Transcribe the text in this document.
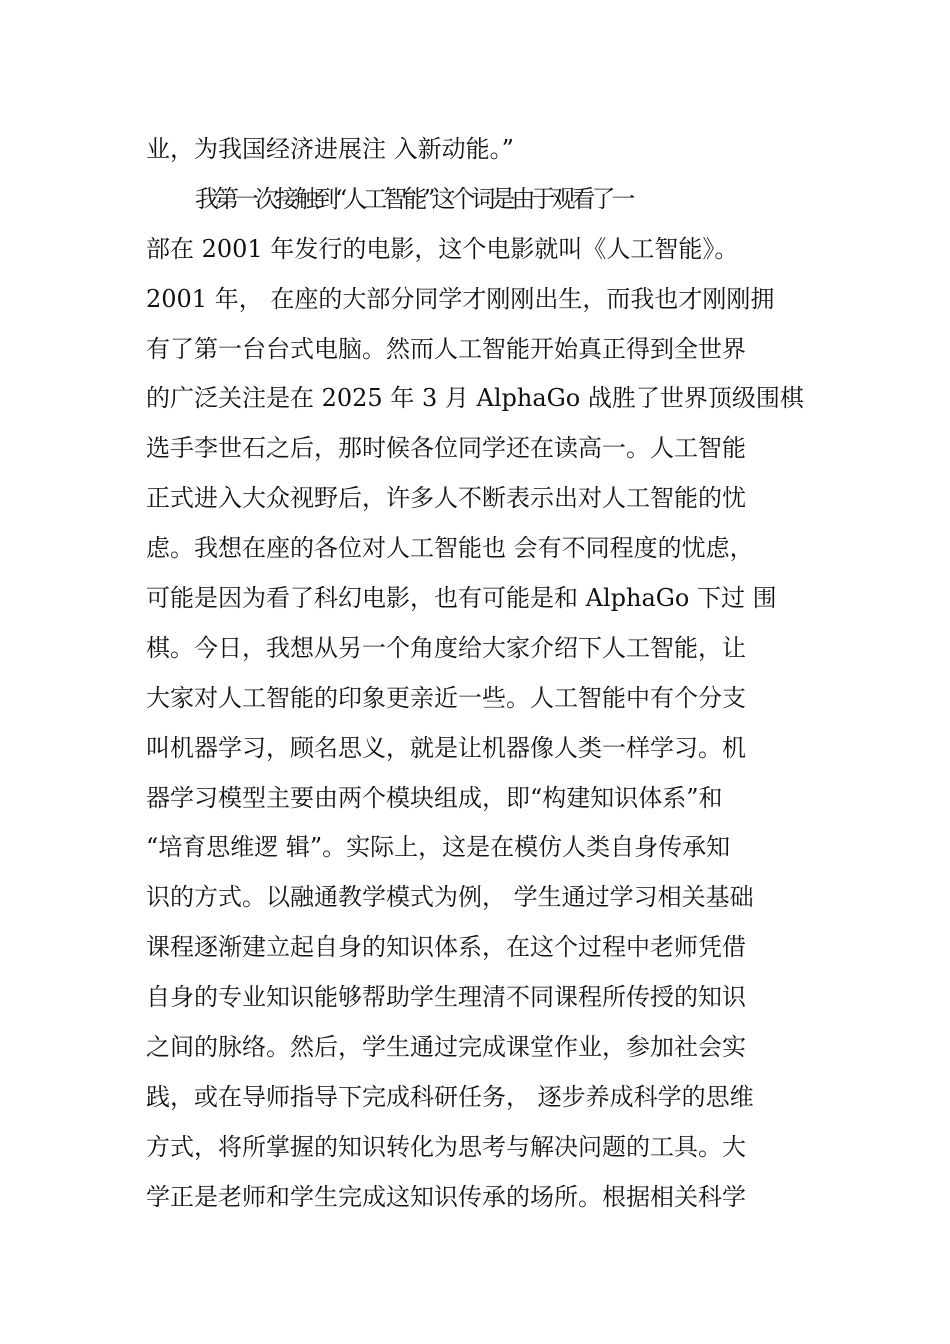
业，为我国经济进展注 入新动能。”
我第一次接触到“人工智能”这个词是由于观看了一
部在 2001 年发行的电影，这个电影就叫《人工智能》。
2001 年， 在座的大部分同学才刚刚出生，而我也才刚刚拥
有了第一台台式电脑。然而人工智能开始真正得到全世界
的广泛关注是在 2025 年 3 月 AlphaGo 战胜了世界顶级围棋
选手李世石之后，那时候各位同学还在读高一。人工智能
正式进入大众视野后，许多人不断表示出对人工智能的忧
虑。我想在座的各位对人工智能也 会有不同程度的忧虑，
可能是因为看了科幻电影，也有可能是和 AlphaGo 下过 围
棋。今日，我想从另一个角度给大家介绍下人工智能，让
大家对人工智能的印象更亲近一些。人工智能中有个分支
叫机器学习，顾名思义，就是让机器像人类一样学习。机
器学习模型主要由两个模块组成，即“构建知识体系”和
“培育思维逻 辑”。实际上，这是在模仿人类自身传承知
识的方式。以融通教学模式为例， 学生通过学习相关基础
课程逐渐建立起自身的知识体系，在这个过程中老师凭借
自身的专业知识能够帮助学生理清不同课程所传授的知识
之间的脉络。然后，学生通过完成课堂作业，参加社会实
践，或在导师指导下完成科研任务， 逐步养成科学的思维
方式，将所掌握的知识转化为思考与解决问题的工具。大
学正是老师和学生完成这知识传承的场所。根据相关科学
